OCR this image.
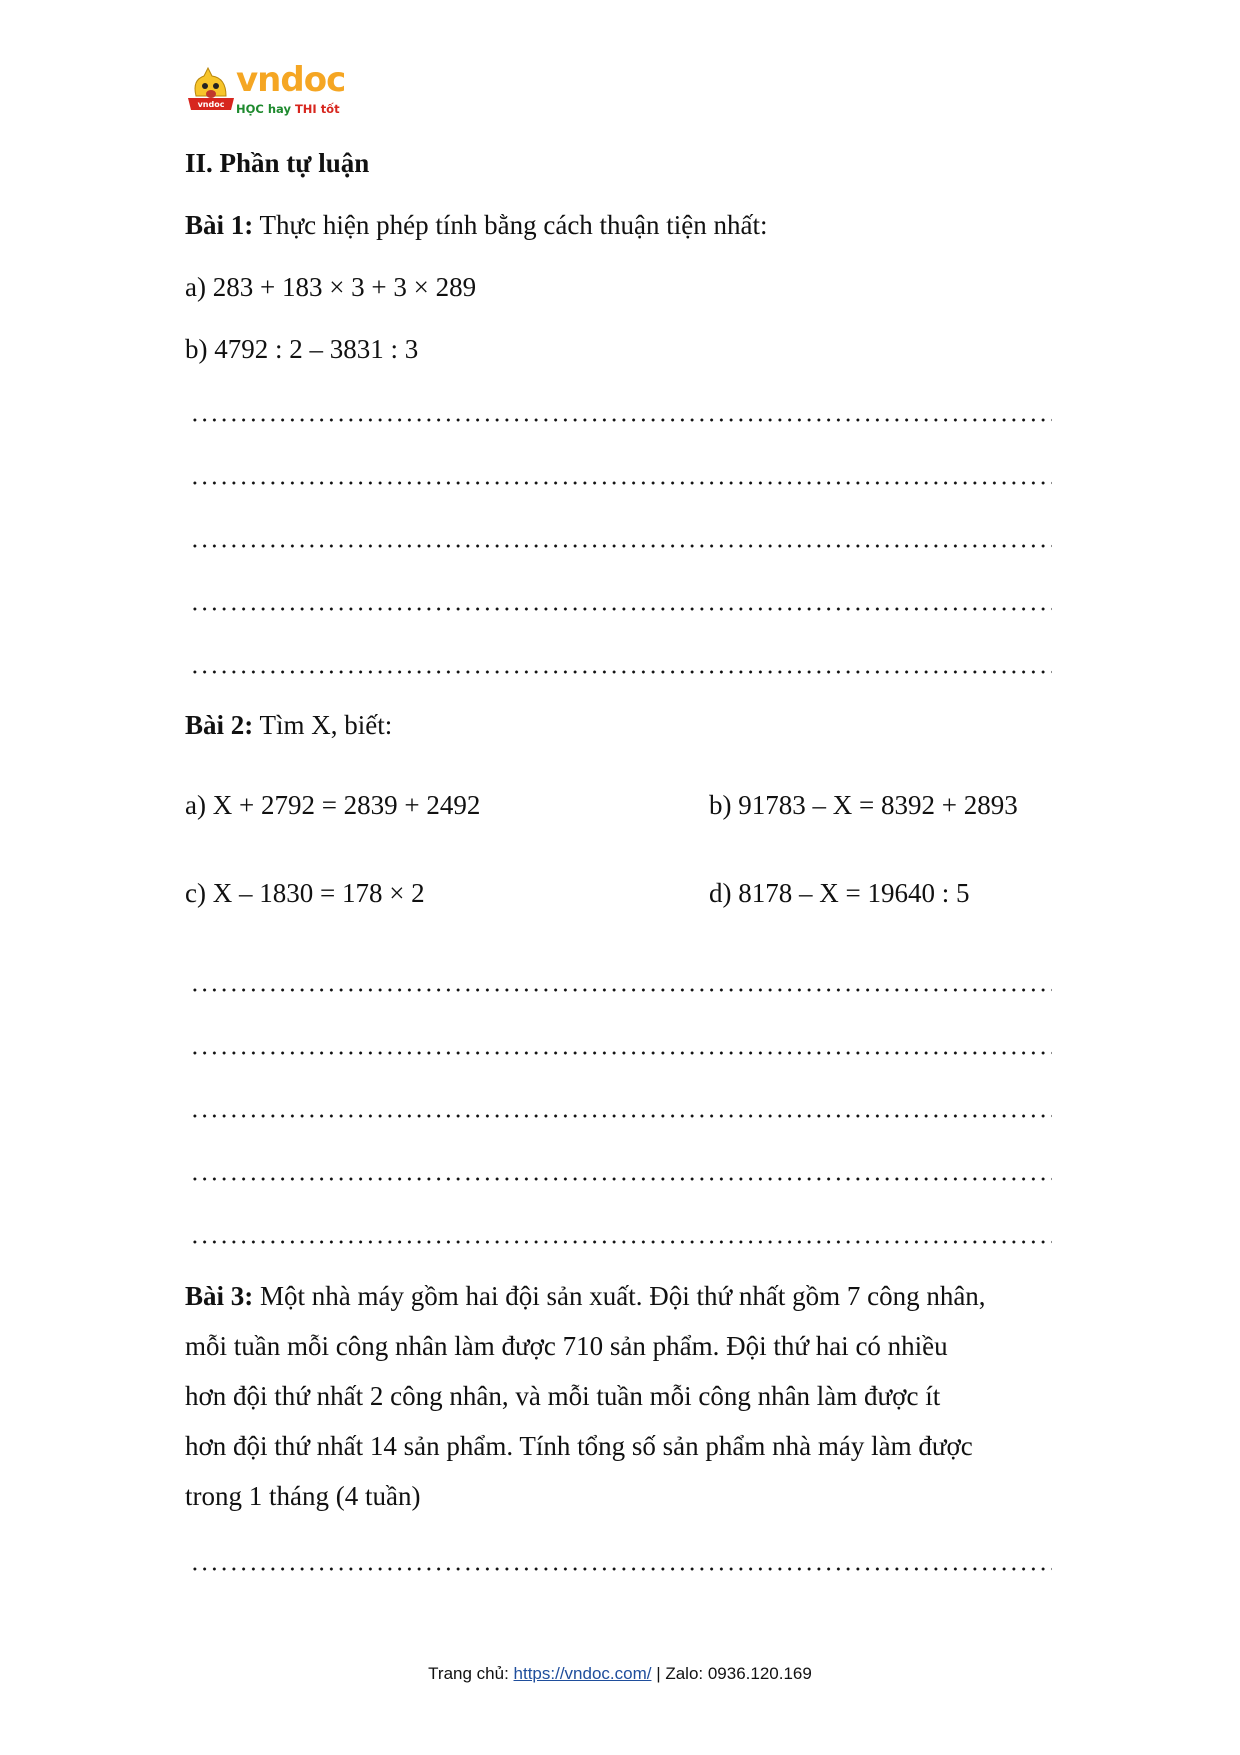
vndoc
vndoc
HỌC hay THI tốt
II. Phần tự luận
Bài 1: Thực hiện phép tính bằng cách thuận tiện nhất:
a) 283 + 183 × 3 + 3 × 289
b) 4792 : 2 – 3831 : 3
Bài 2: Tìm X, biết:
a) X + 2792 = 2839 + 2492	b) 91783 – X = 8392 + 2893
c) X – 1830 = 178 × 2	d) 8178 – X = 19640 : 5
Bài 3: Một nhà máy gồm hai đội sản xuất. Đội thứ nhất gồm 7 công nhân,
mỗi tuần mỗi công nhân làm được 710 sản phẩm. Đội thứ hai có nhiều
hơn đội thứ nhất 2 công nhân, và mỗi tuần mỗi công nhân làm được ít
hơn đội thứ nhất 14 sản phẩm. Tính tổng số sản phẩm nhà máy làm được
trong 1 tháng (4 tuần)
Trang chủ: https://vndoc.com/ | Zalo: 0936.120.169
